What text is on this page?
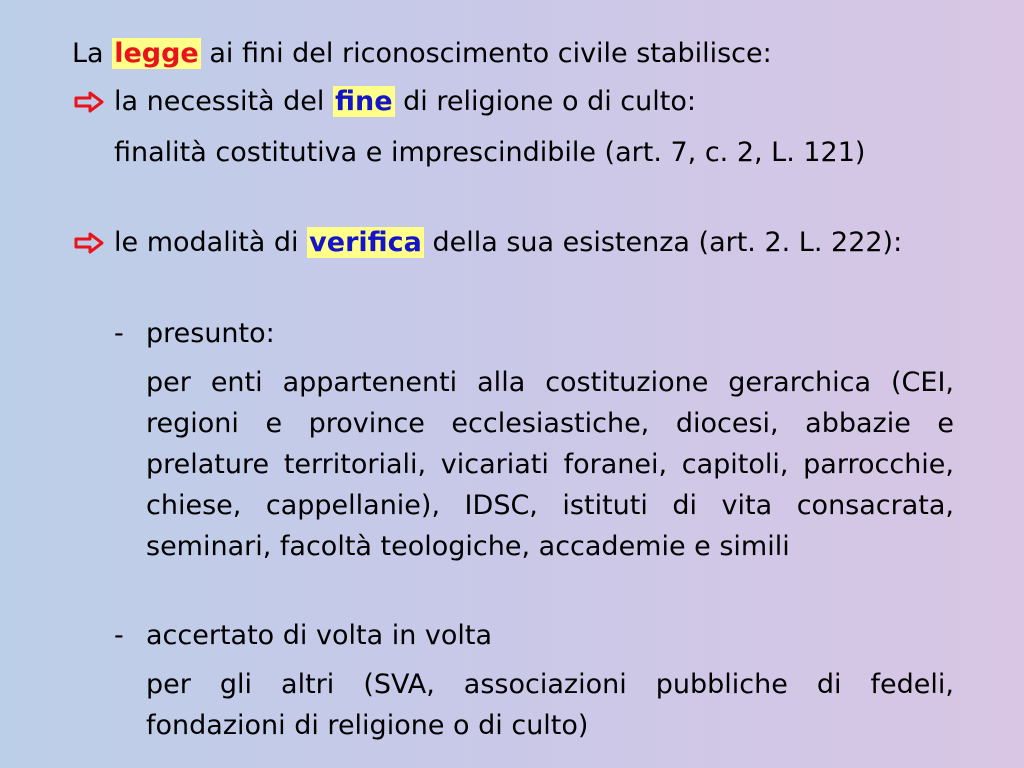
La legge ai fini del riconoscimento civile stabilisce:
la necessità del fine di religione o di culto:
finalità costitutiva e imprescindibile (art. 7, c. 2, L. 121)
le modalità di verifica della sua esistenza (art. 2. L. 222):
- presunto:
per enti appartenenti alla costituzione gerarchica (CEI, regioni e province ecclesiastiche, diocesi, abbazie e prelature territoriali, vicariati foranei, capitoli, parrocchie, chiese, cappellanie), IDSC, istituti di vita consacrata, seminari, facoltà teologiche, accademie e simili
- accertato di volta in volta
per gli altri (SVA, associazioni pubbliche di fedeli, fondazioni di religione o di culto)
